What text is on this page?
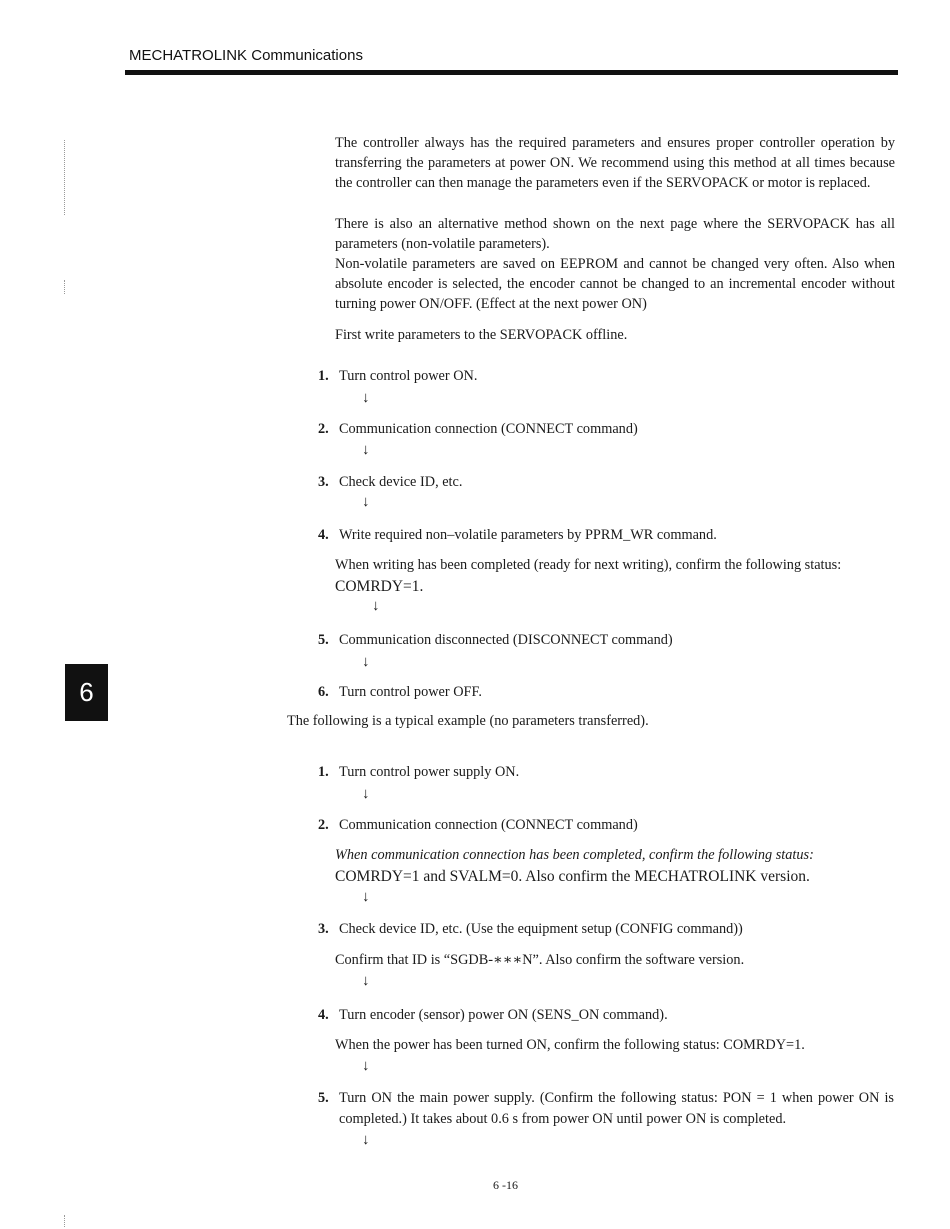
MECHATROLINK Communications
6

The controller always has the required parameters and ensures proper controller operation by transferring the parameters at power ON. We recommend using this method at all times because the controller can then manage the parameters even if the SERVOPACK or motor is replaced.

There is also an alternative method shown on the next page where the SERVOPACK has all parameters (non-volatile parameters).

Non-volatile parameters are saved on EEPROM and cannot be changed very often. Also when absolute encoder is selected, the encoder cannot be changed to an incremental encoder without turning power ON/OFF. (Effect at the next power ON)

First write parameters to the SERVOPACK offline.

1. Turn control power ON.
↓
2. Communication connection (CONNECT command)
↓
3. Check device ID, etc.
↓
4. Write required non–volatile parameters by PPRM_WR command.
When writing has been completed (ready for next writing), confirm the following status:
COMRDY=1.
↓
5. Communication disconnected (DISCONNECT command)
↓
6. Turn control power OFF.
The following is a typical example (no parameters transferred).
1. Turn control power supply ON.
↓
2. Communication connection (CONNECT command)
When communication connection has been completed, confirm the following status:
COMRDY=1 and SVALM=0. Also confirm the MECHATROLINK version.
↓
3. Check device ID, etc. (Use the equipment setup (CONFIG command))
Confirm that ID is “SGDB-∗∗∗N”. Also confirm the software version.
↓
4. Turn encoder (sensor) power ON (SENS_ON command).
When the power has been turned ON, confirm the following status: COMRDY=1.
↓
5. Turn ON the main power supply. (Confirm the following status: PON = 1 when power ON is completed.) It takes about 0.6 s from power ON until power ON is completed.
↓
6 -16
